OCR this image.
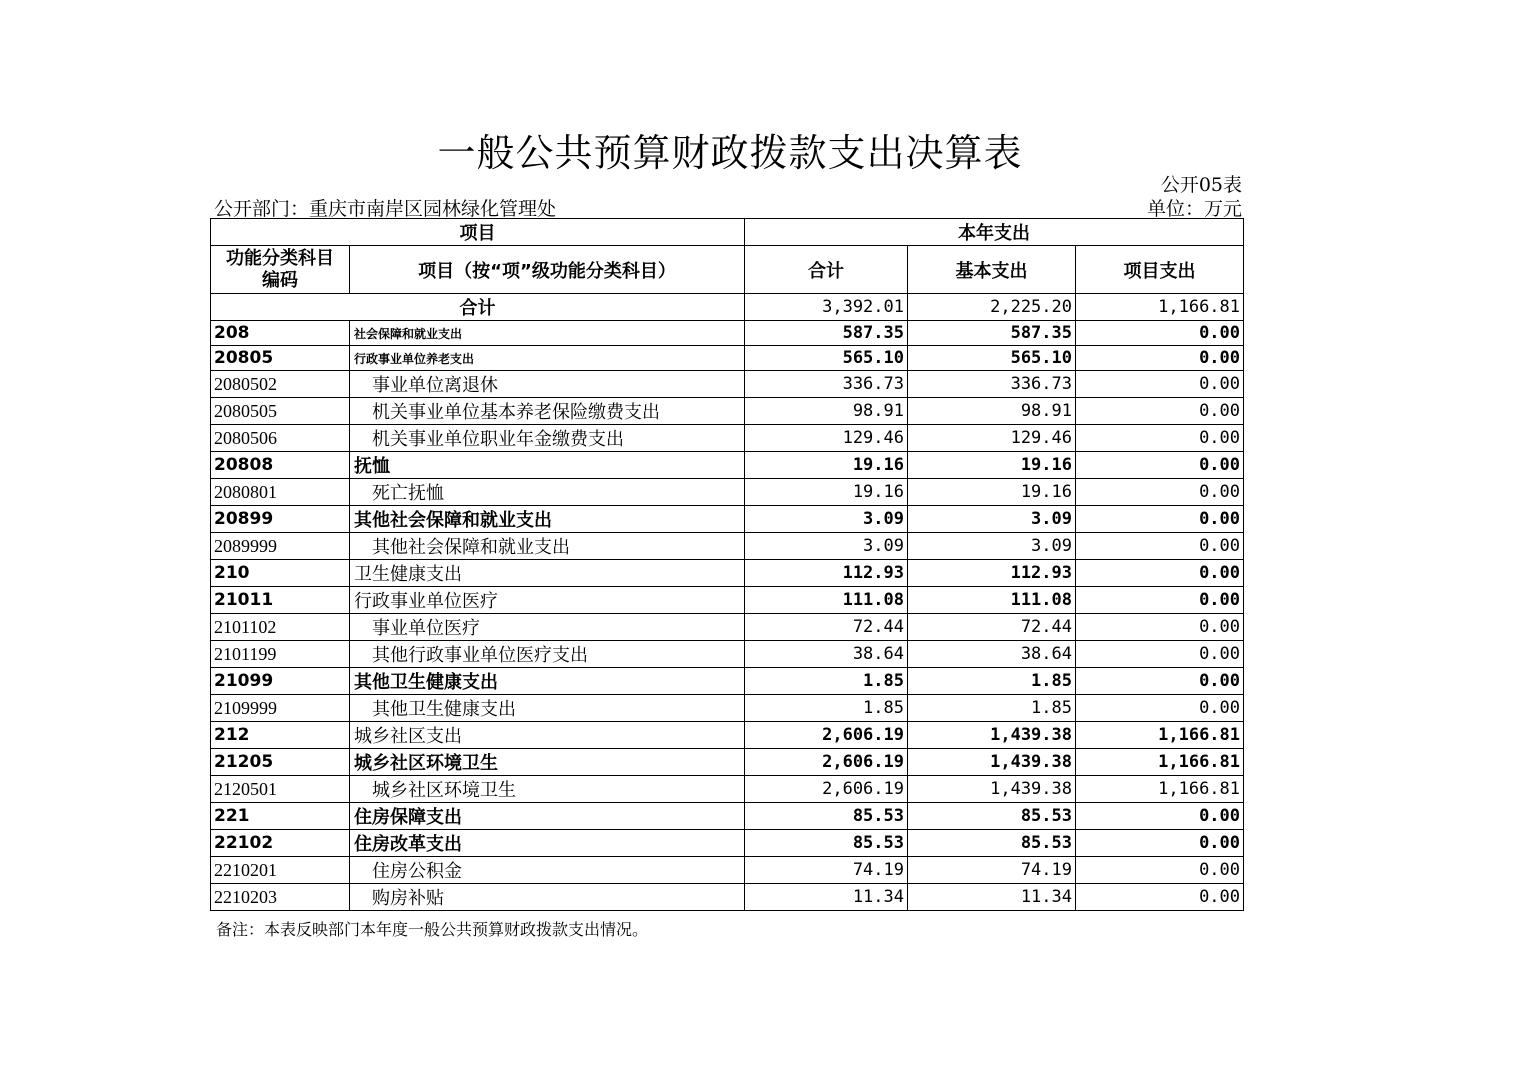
一般公共预算财政拨款支出决算表
公开05表
公开部门：重庆市南岸区园林绿化管理处	单位：万元
项目		本年支出		
功能分类科目编码	项目（按“项”级功能分类科目）	合计	基本支出	项目支出
合计		3,392.01	2,225.20	1,166.81
208	社会保障和就业支出	587.35	587.35	0.00
20805	行政事业单位养老支出	565.10	565.10	0.00
2080502	事业单位离退休	336.73	336.73	0.00
2080505	机关事业单位基本养老保险缴费支出	98.91	98.91	0.00
2080506	机关事业单位职业年金缴费支出	129.46	129.46	0.00
20808	抚恤	19.16	19.16	0.00
2080801	死亡抚恤	19.16	19.16	0.00
20899	其他社会保障和就业支出	3.09	3.09	0.00
2089999	其他社会保障和就业支出	3.09	3.09	0.00
210	卫生健康支出	112.93	112.93	0.00
21011	行政事业单位医疗	111.08	111.08	0.00
2101102	事业单位医疗	72.44	72.44	0.00
2101199	其他行政事业单位医疗支出	38.64	38.64	0.00
21099	其他卫生健康支出	1.85	1.85	0.00
2109999	其他卫生健康支出	1.85	1.85	0.00
212	城乡社区支出	2,606.19	1,439.38	1,166.81
21205	城乡社区环境卫生	2,606.19	1,439.38	1,166.81
2120501	城乡社区环境卫生	2,606.19	1,439.38	1,166.81
221	住房保障支出	85.53	85.53	0.00
22102	住房改革支出	85.53	85.53	0.00
2210201	住房公积金	74.19	74.19	0.00
2210203	购房补贴	11.34	11.34	0.00
备注：本表反映部门本年度一般公共预算财政拨款支出情况。
